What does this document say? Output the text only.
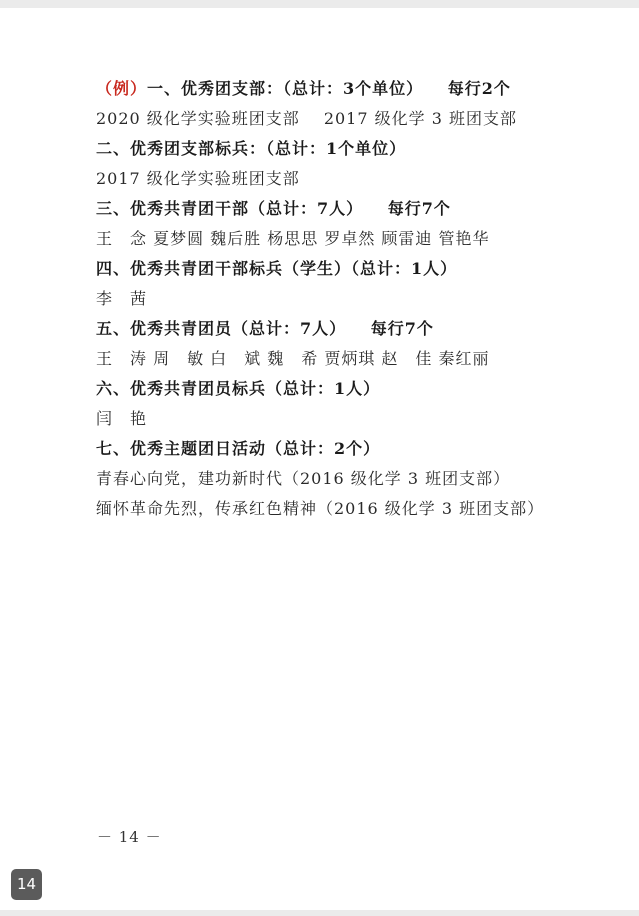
（例）一、优秀团支部：（总计：3个单位） 每行2个
2020 级化学实验班团支部 2017 级化学 3 班团支部
二、优秀团支部标兵：（总计：1个单位）
2017 级化学实验班团支部
三、优秀共青团干部（总计：7人） 每行7个
王　念 夏梦圆 魏后胜 杨思思 罗卓然 顾雷迪 管艳华
四、优秀共青团干部标兵（学生）（总计：1人）
李　茜
五、优秀共青团员（总计：7人） 每行7个
王　涛 周　敏 白　斌 魏　希 贾炳琪 赵　佳 秦红丽
六、优秀共青团员标兵（总计：1人）
闫　艳
七、优秀主题团日活动（总计：2个）
青春心向党，建功新时代（2016 级化学 3 班团支部）
缅怀革命先烈，传承红色精神（2016 级化学 3 班团支部）
－ 14 －
14
